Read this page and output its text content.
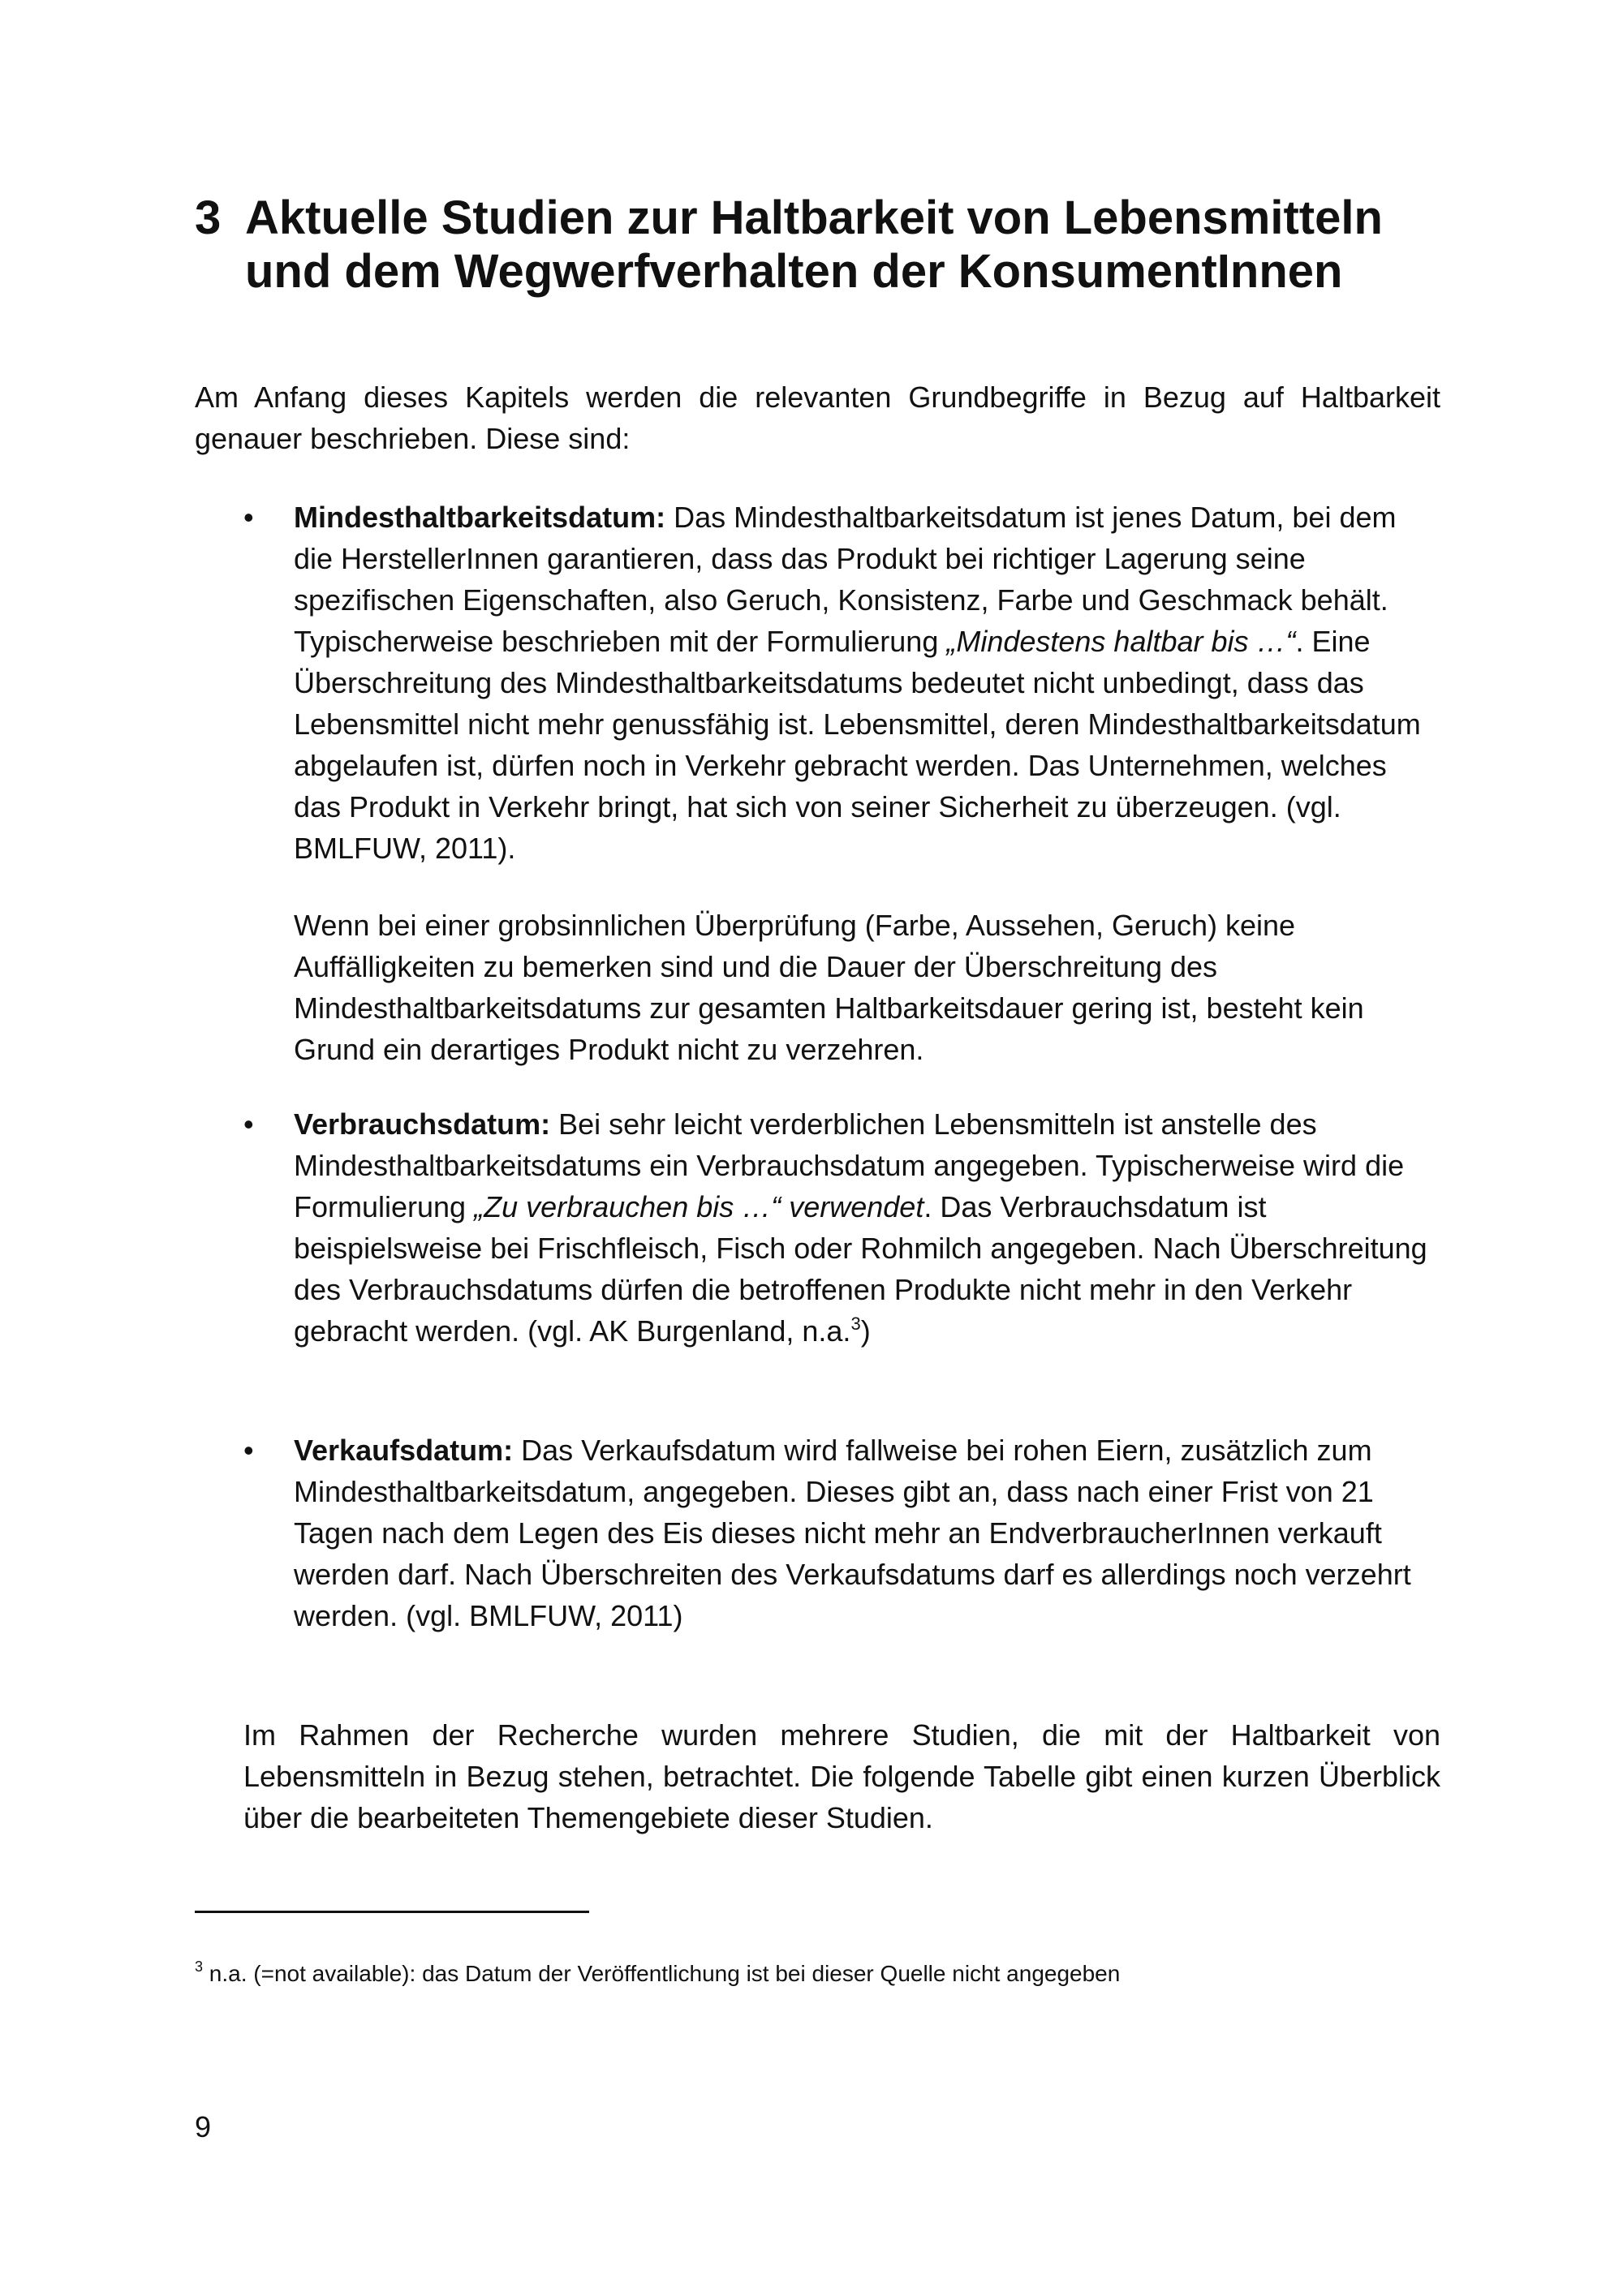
3 Aktuelle Studien zur Haltbarkeit von Lebensmitteln
und dem Wegwerfverhalten der KonsumentInnen

Am Anfang dieses Kapitels werden die relevanten Grundbegriffe in Bezug auf Haltbarkeit genauer beschrieben. Diese sind:

• Mindesthaltbarkeitsdatum: Das Mindesthaltbarkeitsdatum ist jenes Datum, bei dem die HerstellerInnen garantieren, dass das Produkt bei richtiger Lagerung seine spezifischen Eigenschaften, also Geruch, Konsistenz, Farbe und Geschmack behält. Typischerweise beschrieben mit der Formulierung „Mindestens haltbar bis …“. Eine Überschreitung des Mindesthaltbarkeitsdatums bedeutet nicht unbedingt, dass das Lebensmittel nicht mehr genussfähig ist. Lebensmittel, deren Mindesthaltbarkeitsdatum abgelaufen ist, dürfen noch in Verkehr gebracht werden. Das Unternehmen, welches das Produkt in Verkehr bringt, hat sich von seiner Sicherheit zu überzeugen. (vgl. BMLFUW, 2011).

Wenn bei einer grobsinnlichen Überprüfung (Farbe, Aussehen, Geruch) keine Auffälligkeiten zu bemerken sind und die Dauer der Überschreitung des Mindesthaltbarkeitsdatums zur gesamten Haltbarkeitsdauer gering ist, besteht kein Grund ein derartiges Produkt nicht zu verzehren.

• Verbrauchsdatum: Bei sehr leicht verderblichen Lebensmitteln ist anstelle des Mindesthaltbarkeitsdatums ein Verbrauchsdatum angegeben. Typischerweise wird die Formulierung „Zu verbrauchen bis …“ verwendet. Das Verbrauchsdatum ist beispielsweise bei Frischfleisch, Fisch oder Rohmilch angegeben. Nach Überschreitung des Verbrauchsdatums dürfen die betroffenen Produkte nicht mehr in den Verkehr gebracht werden. (vgl. AK Burgenland, n.a.$^3$)

• Verkaufsdatum: Das Verkaufsdatum wird fallweise bei rohen Eiern, zusätzlich zum Mindesthaltbarkeitsdatum, angegeben. Dieses gibt an, dass nach einer Frist von 21 Tagen nach dem Legen des Eis dieses nicht mehr an EndverbraucherInnen verkauft werden darf. Nach Überschreiten des Verkaufsdatums darf es allerdings noch verzehrt werden. (vgl. BMLFUW, 2011)

Im Rahmen der Recherche wurden mehrere Studien, die mit der Haltbarkeit von Lebensmitteln in Bezug stehen, betrachtet. Die folgende Tabelle gibt einen kurzen Überblick über die bearbeiteten Themengebiete dieser Studien.

$^3$ n.a. (=not available): das Datum der Veröffentlichung ist bei dieser Quelle nicht angegeben

9
